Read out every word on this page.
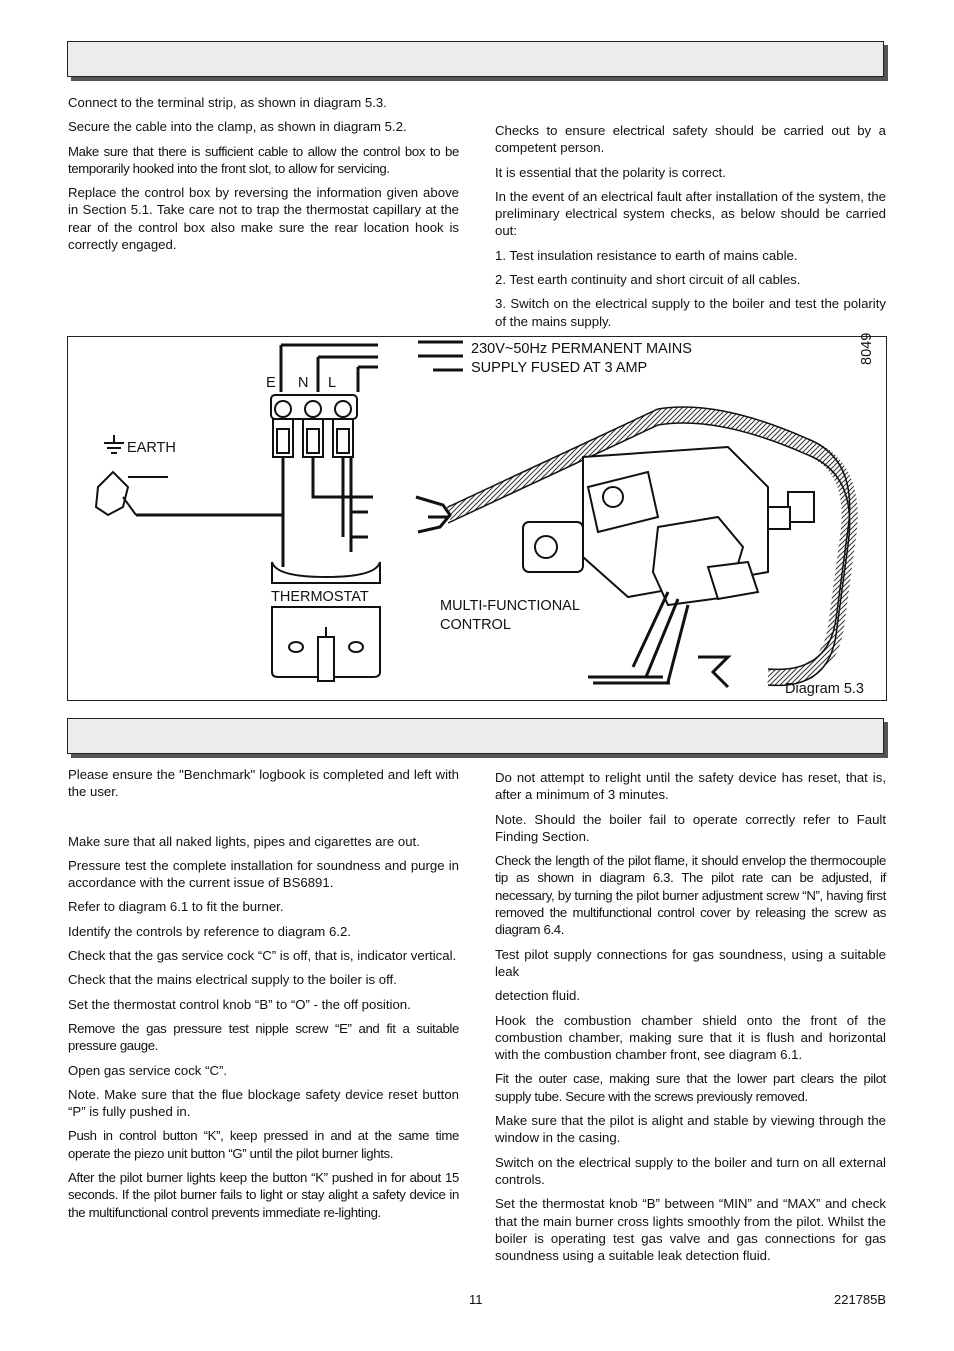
Connect to the terminal strip, as shown in diagram 5.3.

Secure the cable into the clamp, as shown in diagram 5.2.

Make sure that there is sufficient cable to allow the control box to be temporarily hooked into the front slot, to allow for servicing.

Replace the control box by reversing the information given above in Section 5.1. Take care not to trap the thermostat capillary at the rear of the control box also make sure the rear location hook is correctly engaged.

Checks to ensure electrical safety should be carried out by a competent person.

It is essential that the polarity is correct.

In the event of an electrical fault after installation of the system, the preliminary electrical system checks, as below should be carried out:

1. Test insulation resistance to earth of mains cable.

2. Test earth continuity and short circuit of all cables.

3. Switch on the electrical supply to the boiler and test the polarity of the mains supply.

230V~50Hz PERMANENT MAINS
SUPPLY FUSED AT 3 AMP
8049
E N L
EARTH
THERMOSTAT
MULTI-FUNCTIONAL
CONTROL
Diagram 5.3

Please ensure the "Benchmark" logbook is completed and left with the user.

Make sure that all naked lights, pipes and cigarettes are out.

Pressure test the complete installation for soundness and purge in accordance with the current issue of BS6891.

Refer to diagram 6.1 to fit the burner.

Identify the controls by reference to diagram 6.2.

Check that the gas service cock “C” is off, that is, indicator vertical.

Check that the mains electrical supply to the boiler is off.

Set the thermostat control knob “B” to “O” - the off position.

Remove the gas pressure test nipple screw “E” and fit a suitable pressure gauge.

Open gas service cock “C”.

Note. Make sure that the flue blockage safety device reset button “P” is fully pushed in.

Push in control button “K”, keep pressed in and at the same time operate the piezo unit button “G” until the pilot burner lights.

After the pilot burner lights keep the button “K” pushed in for about 15 seconds. If the pilot burner fails to light or stay alight a safety device in the multifunctional control prevents immediate re-lighting.

Do not attempt to relight until the safety device has reset, that is, after a minimum of 3 minutes.

Note. Should the boiler fail to operate correctly refer to Fault Finding Section.

Check the length of the pilot flame, it should envelop the thermocouple tip as shown in diagram 6.3. The pilot rate can be adjusted, if necessary, by turning the pilot burner adjustment screw “N”, having first removed the multifunctional control cover by releasing the screw as diagram 6.4.

Test pilot supply connections for gas soundness, using a suitable leak

detection fluid.

Hook the combustion chamber shield onto the front of the combustion chamber, making sure that it is flush and horizontal with the combustion chamber front, see diagram 6.1.

Fit the outer case, making sure that the lower part clears the pilot supply tube. Secure with the screws previously removed.

Make sure that the pilot is alight and stable by viewing through the window in the casing.

Switch on the electrical supply to the boiler and turn on all external controls.

Set the thermostat knob “B” between “MIN” and “MAX” and check that the main burner cross lights smoothly from the pilot. Whilst the boiler is operating test gas valve and gas connections for gas soundness using a suitable leak detection fluid.

11	221785B
